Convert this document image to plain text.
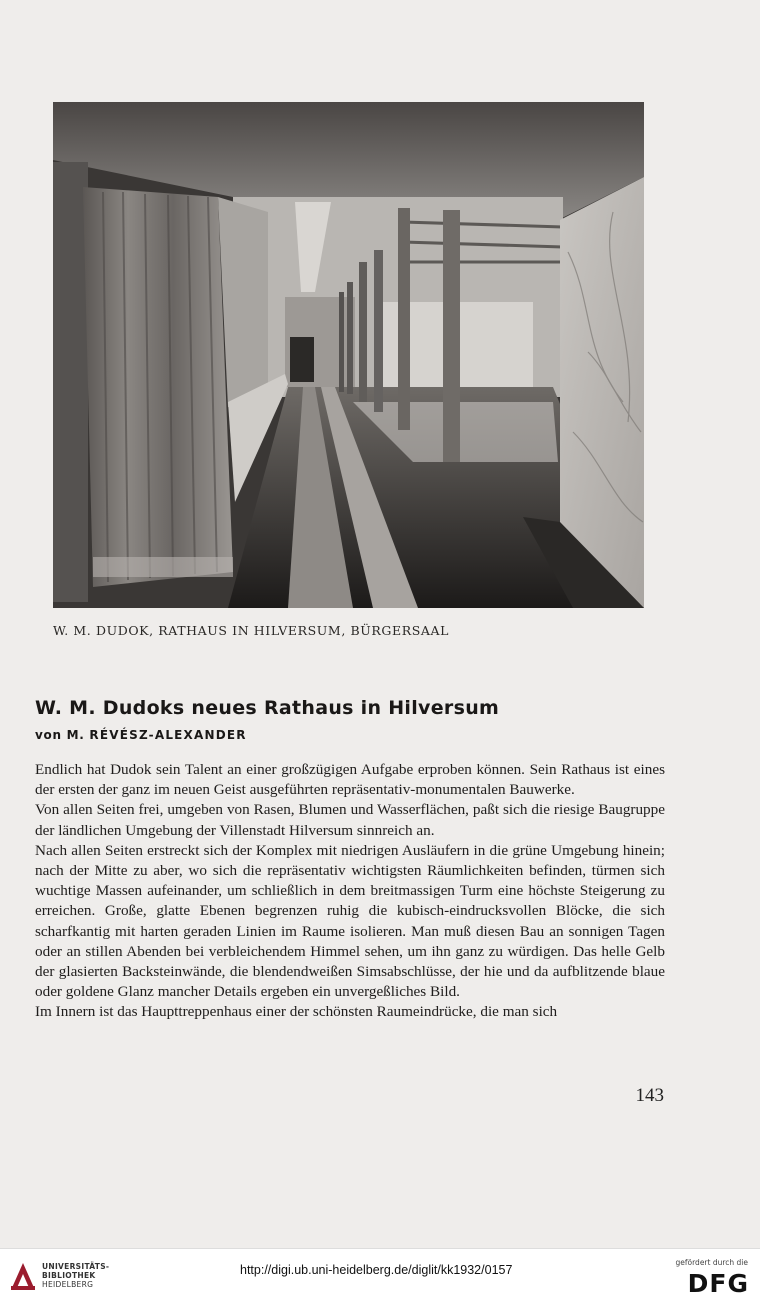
W. M. DUDOK, RATHAUS IN HILVERSUM, BÜRGERSAAL
W. M. Dudoks neues Rathaus in Hilversum
von M. RÉVÉSZ-ALEXANDER

Endlich hat Dudok sein Talent an einer großzügigen Aufgabe erproben können. Sein Rathaus ist eines der ersten der ganz im neuen Geist ausgeführten repräsentativ-monumentalen Bauwerke.

Von allen Seiten frei, umgeben von Rasen, Blumen und Wasserflächen, paßt sich die riesige Baugruppe der ländlichen Umgebung der Villenstadt Hilversum sinnreich an.

Nach allen Seiten erstreckt sich der Komplex mit niedrigen Ausläufern in die grüne Umgebung hinein; nach der Mitte zu aber, wo sich die repräsentativ wichtigsten Räumlichkeiten befinden, türmen sich wuchtige Massen aufeinander, um schließlich in dem breitmassigen Turm eine höchste Steigerung zu erreichen. Große, glatte Ebenen begrenzen ruhig die kubisch-eindrucksvollen Blöcke, die sich scharfkantig mit harten geraden Linien im Raume isolieren. Man muß diesen Bau an sonnigen Tagen oder an stillen Abenden bei verbleichendem Himmel sehen, um ihn ganz zu würdigen. Das helle Gelb der glasierten Backsteinwände, die blendendweißen Simsabschlüsse, der hie und da aufblitzende blaue oder goldene Glanz mancher Details ergeben ein unvergeßliches Bild.

Im Innern ist das Haupttreppenhaus einer der schönsten Raumeindrücke, die man sich

143
UNIVERSITÄTS-
BIBLIOTHEK
HEIDELBERG
http://digi.ub.uni-heidelberg.de/diglit/kk1932/0157
gefördert durch die
DFG
